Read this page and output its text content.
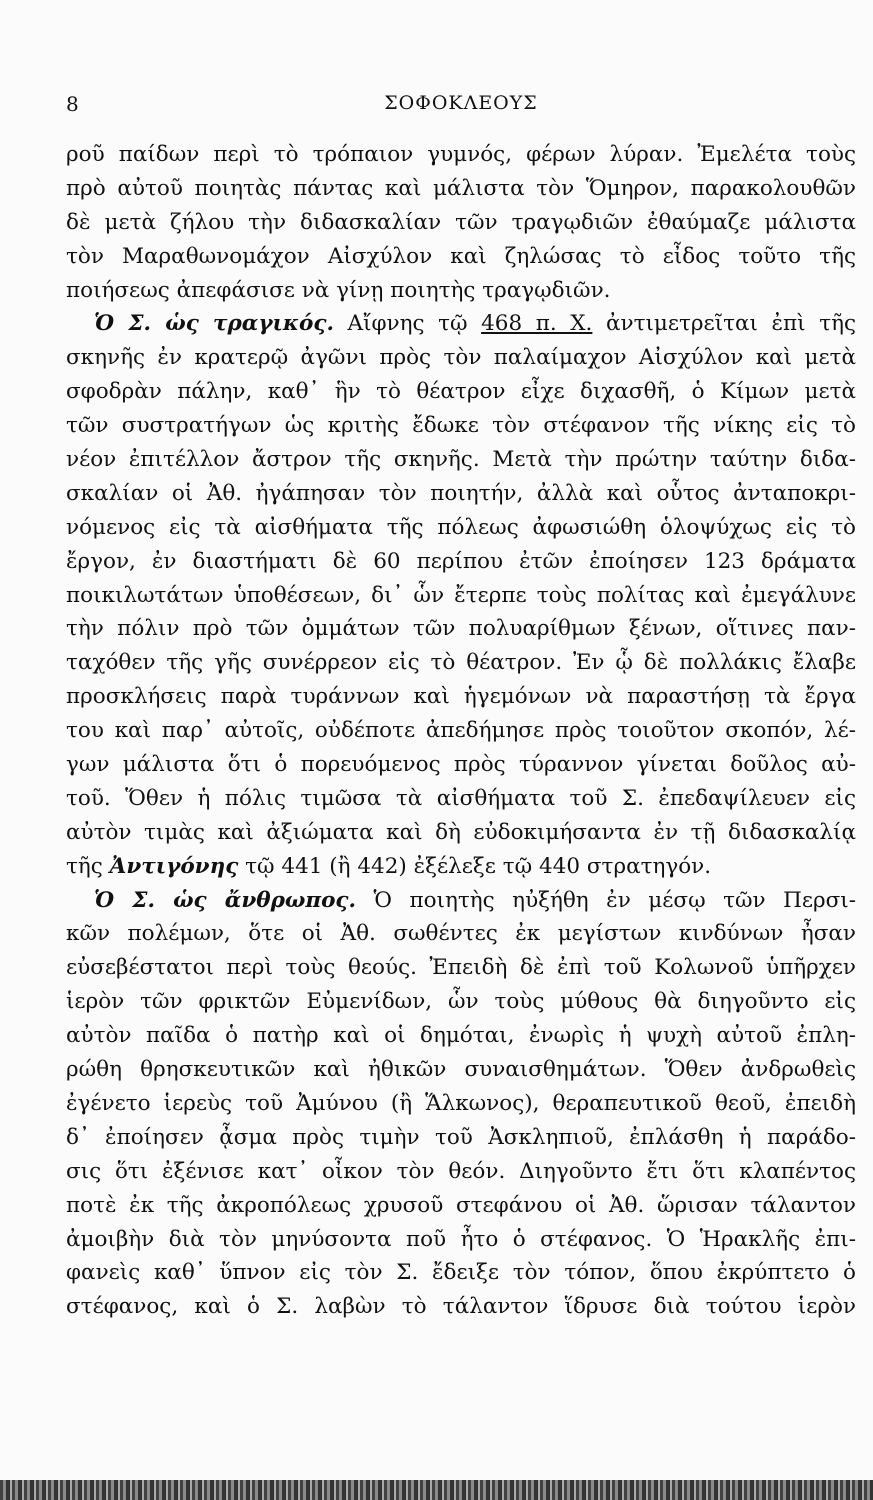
8	ΣΟΦΟΚΛΕΟΥΣ
ροῦ παίδων περὶ τὸ τρόπαιον γυμνός, φέρων λύραν. Ἐμελέτα τοὺς
πρὸ αὐτοῦ ποιητὰς πάντας καὶ μάλιστα τὸν Ὅμηρον, παρακολουθῶν
δὲ μετὰ ζήλου τὴν διδασκαλίαν τῶν τραγῳδιῶν ἐθαύμαζε μάλιστα
τὸν Μαραθωνομάχον Αἰσχύλον καὶ ζηλώσας τὸ εἶδος τοῦτο τῆς
ποιήσεως ἀπεφάσισε νὰ γίνῃ ποιητὴς τραγῳδιῶν.
Ὁ Σ. ὡς τραγικός. Αἴφνης τῷ 468 π. Χ. ἀντιμετρεῖται ἐπὶ τῆς
σκηνῆς ἐν κρατερῷ ἀγῶνι πρὸς τὸν παλαίμαχον Αἰσχύλον καὶ μετὰ
σφοδρὰν πάλην, καθ᾽ ἣν τὸ θέατρον εἶχε διχασθῆ, ὁ Κίμων μετὰ
τῶν συστρατήγων ὡς κριτὴς ἔδωκε τὸν στέφανον τῆς νίκης εἰς τὸ
νέον ἐπιτέλλον ἄστρον τῆς σκηνῆς. Μετὰ τὴν πρώτην ταύτην διδα-
σκαλίαν οἱ Ἀθ. ἠγάπησαν τὸν ποιητήν, ἀλλὰ καὶ οὗτος ἀνταποκρι-
νόμενος εἰς τὰ αἰσθήματα τῆς πόλεως ἀφωσιώθη ὁλοψύχως εἰς τὸ
ἔργον, ἐν διαστήματι δὲ 60 περίπου ἐτῶν ἐποίησεν 123 δράματα
ποικιλωτάτων ὑποθέσεων, δι᾽ ὧν ἔτερπε τοὺς πολίτας καὶ ἐμεγάλυνε
τὴν πόλιν πρὸ τῶν ὀμμάτων τῶν πολυαρίθμων ξένων, οἵτινες παν-
ταχόθεν τῆς γῆς συνέρρεον εἰς τὸ θέατρον. Ἐν ᾧ δὲ πολλάκις ἔλαβε
προσκλήσεις παρὰ τυράννων καὶ ἡγεμόνων νὰ παραστήσῃ τὰ ἔργα
του καὶ παρ᾽ αὐτοῖς, οὐδέποτε ἀπεδήμησε πρὸς τοιοῦτον σκοπόν, λέ-
γων μάλιστα ὅτι ὁ πορευόμενος πρὸς τύραννον γίνεται δοῦλος αὐ-
τοῦ. Ὅθεν ἡ πόλις τιμῶσα τὰ αἰσθήματα τοῦ Σ. ἐπεδαψίλευεν εἰς
αὐτὸν τιμὰς καὶ ἀξιώματα καὶ δὴ εὐδοκιμήσαντα ἐν τῇ διδασκαλίᾳ
τῆς Ἀντιγόνης τῷ 441 (ἢ 442) ἐξέλεξε τῷ 440 στρατηγόν.
Ὁ Σ. ὡς ἄνθρωπος. Ὁ ποιητὴς ηὐξήθη ἐν μέσῳ τῶν Περσι-
κῶν πολέμων, ὅτε οἱ Ἀθ. σωθέντες ἐκ μεγίστων κινδύνων ἦσαν
εὐσεβέστατοι περὶ τοὺς θεούς. Ἐπειδὴ δὲ ἐπὶ τοῦ Κολωνοῦ ὑπῆρχεν
ἱερὸν τῶν φρικτῶν Εὐμενίδων, ὧν τοὺς μύθους θὰ διηγοῦντο εἰς
αὐτὸν παῖδα ὁ πατὴρ καὶ οἱ δημόται, ἐνωρὶς ἡ ψυχὴ αὐτοῦ ἐπλη-
ρώθη θρησκευτικῶν καὶ ἠθικῶν συναισθημάτων. Ὅθεν ἀνδρωθεὶς
ἐγένετο ἱερεὺς τοῦ Ἀμύνου (ἢ Ἅλκωνος), θεραπευτικοῦ θεοῦ, ἐπειδὴ
δ᾽ ἐποίησεν ᾆσμα πρὸς τιμὴν τοῦ Ἀσκληπιοῦ, ἐπλάσθη ἡ παράδο-
σις ὅτι ἐξένισε κατ᾽ οἶκον τὸν θεόν. Διηγοῦντο ἔτι ὅτι κλαπέντος
ποτὲ ἐκ τῆς ἀκροπόλεως χρυσοῦ στεφάνου οἱ Ἀθ. ὥρισαν τάλαντον
ἀμοιβὴν διὰ τὸν μηνύσοντα ποῦ ἦτο ὁ στέφανος. Ὁ Ἡρακλῆς ἐπι-
φανεὶς καθ᾽ ὕπνον εἰς τὸν Σ. ἔδειξε τὸν τόπον, ὅπου ἐκρύπτετο ὁ
στέφανος, καὶ ὁ Σ. λαβὼν τὸ τάλαντον ἵδρυσε διὰ τούτου ἱερὸν
